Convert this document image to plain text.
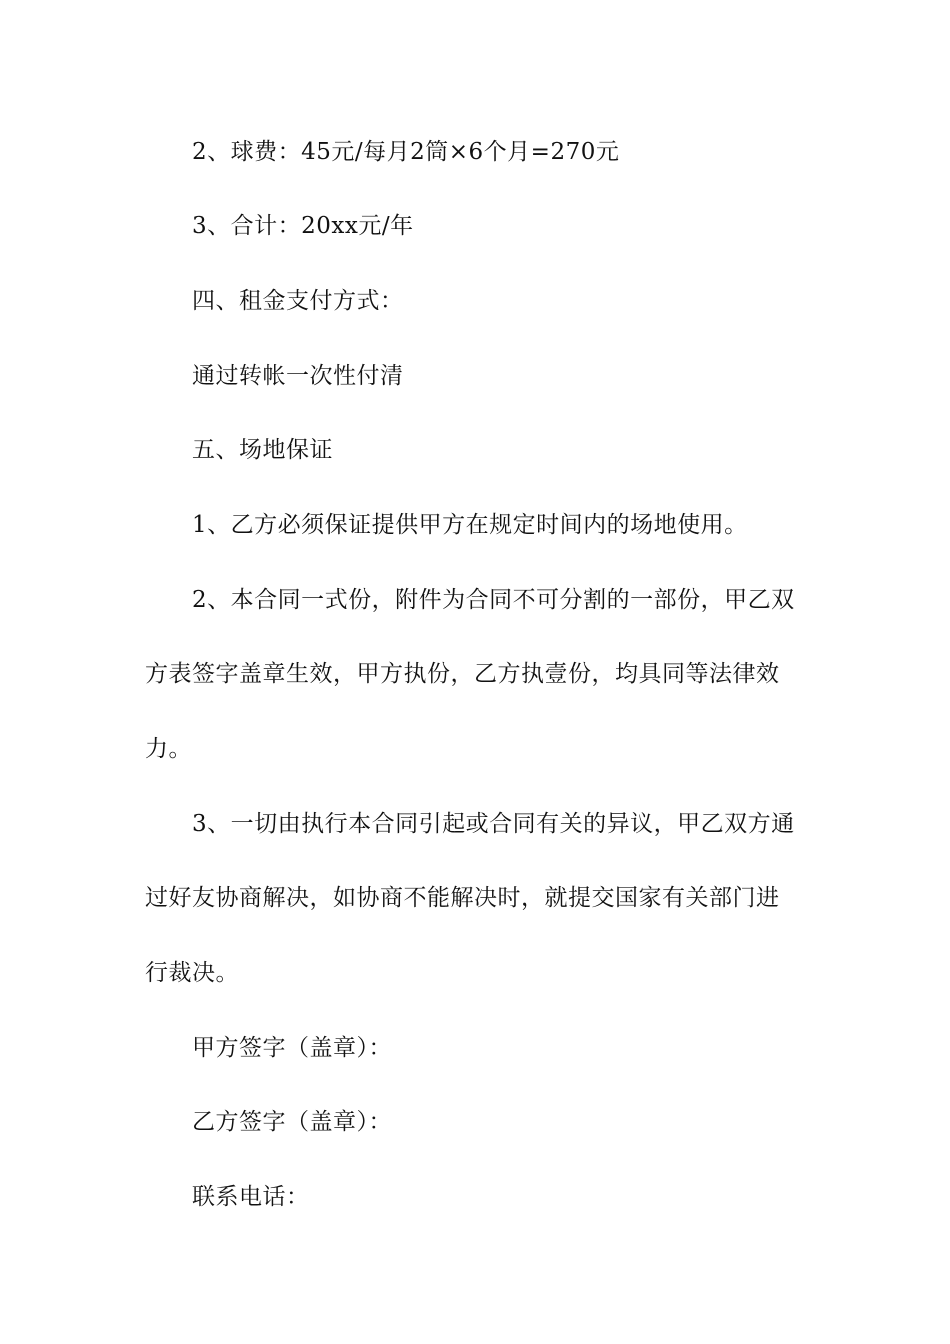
2、球费：45元/每月2筒×6个月=270元
3、合计：20xx元/年
四、租金支付方式：
通过转帐一次性付清
五、场地保证
1、乙方必须保证提供甲方在规定时间内的场地使用。
2、本合同一式份，附件为合同不可分割的一部份，甲乙双
方表签字盖章生效，甲方执份，乙方执壹份，均具同等法律效
力。
3、一切由执行本合同引起或合同有关的异议，甲乙双方通
过好友协商解决，如协商不能解决时，就提交国家有关部门进
行裁决。
甲方签字（盖章）：
乙方签字（盖章）：
联系电话：
